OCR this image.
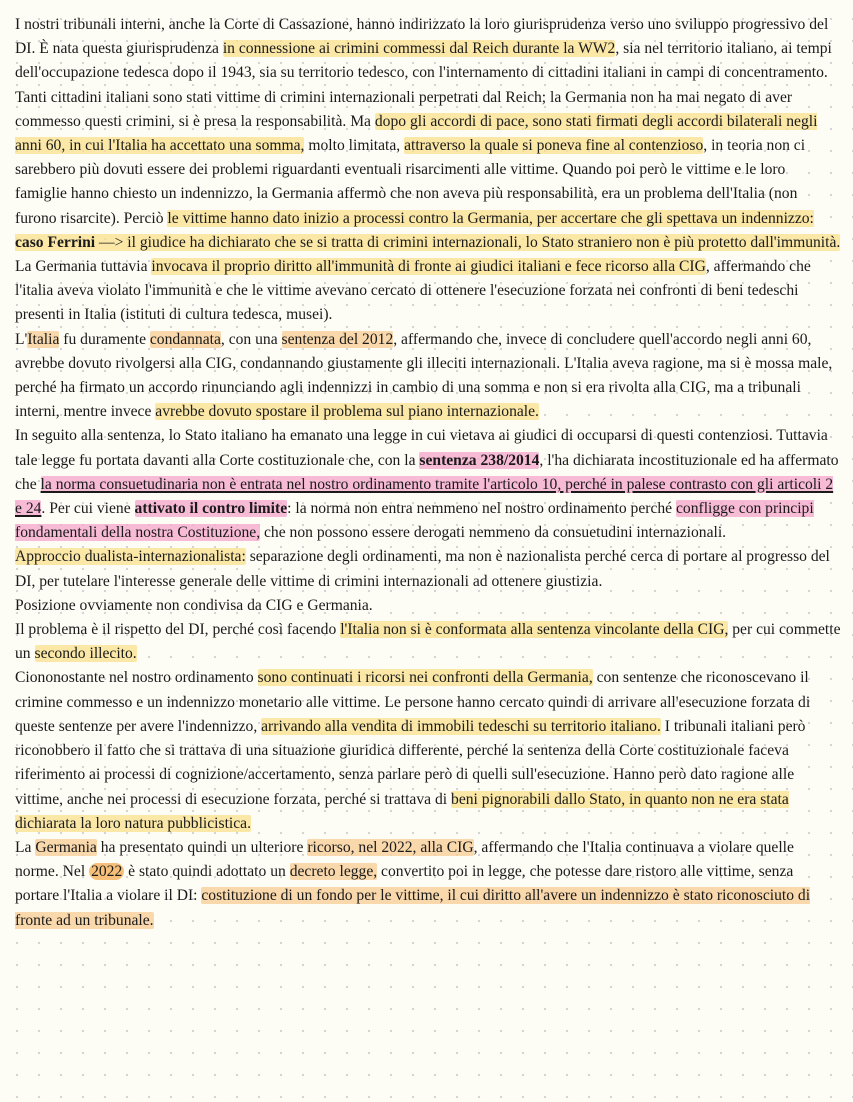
I nostri tribunali interni, anche la Corte di Cassazione, hanno indirizzato la loro giurisprudenza verso uno sviluppo progressivo del DI. È nata questa giurisprudenza in connessione ai crimini commessi dal Reich durante la WW2, sia nel territorio italiano, ai tempi dell'occupazione tedesca dopo il 1943, sia su territorio tedesco, con l'internamento di cittadini italiani in campi di concentramento. Tanti cittadini italiani sono stati vittime di crimini internazionali perpetrati dal Reich; la Germania non ha mai negato di aver commesso questi crimini, si è presa la responsabilità. Ma dopo gli accordi di pace, sono stati firmati degli accordi bilaterali negli anni 60, in cui l'Italia ha accettato una somma, molto limitata, attraverso la quale si poneva fine al contenzioso, in teoria non ci sarebbero più dovuti essere dei problemi riguardanti eventuali risarcimenti alle vittime. Quando poi però le vittime e le loro famiglie hanno chiesto un indennizzo, la Germania affermò che non aveva più responsabilità, era un problema dell'Italia (non furono risarcite). Perciò le vittime hanno dato inizio a processi contro la Germania, per accertare che gli spettava un indennizzo: caso Ferrini —> il giudice ha dichiarato che se si tratta di crimini internazionali, lo Stato straniero non è più protetto dall'immunità. La Germania tuttavia invocava il proprio diritto all'immunità di fronte ai giudici italiani e fece ricorso alla CIG, affermando che l'italia aveva violato l'immunità e che le vittime avevano cercato di ottenere l'esecuzione forzata nei confronti di beni tedeschi presenti in Italia (istituti di cultura tedesca, musei).

L'Italia fu duramente condannata, con una sentenza del 2012, affermando che, invece di concludere quell'accordo negli anni 60, avrebbe dovuto rivolgersi alla CIG, condannando giustamente gli illeciti internazionali. L'Italia aveva ragione, ma si è mossa male, perché ha firmato un accordo rinunciando agli indennizzi in cambio di una somma e non si era rivolta alla CIG, ma a tribunali interni, mentre invece avrebbe dovuto spostare il problema sul piano internazionale.

In seguito alla sentenza, lo Stato italiano ha emanato una legge in cui vietava ai giudici di occuparsi di questi contenziosi. Tuttavia tale legge fu portata davanti alla Corte costituzionale che, con la sentenza 238/2014, l'ha dichiarata incostituzionale ed ha affermato che la norma consuetudinaria non è entrata nel nostro ordinamento tramite l'articolo 10, perché in palese contrasto con gli articoli 2 e 24. Per cui viene attivato il contro limite: la norma non entra nemmeno nel nostro ordinamento perché confligge con principi fondamentali della nostra Costituzione, che non possono essere derogati nemmeno da consuetudini internazionali.

Approccio dualista-internazionalista: separazione degli ordinamenti, ma non è nazionalista perché cerca di portare al progresso del DI, per tutelare l'interesse generale delle vittime di crimini internazionali ad ottenere giustizia.

Posizione ovviamente non condivisa da CIG e Germania.

Il problema è il rispetto del DI, perché così facendo l'Italia non si è conformata alla sentenza vincolante della CIG, per cui commette un secondo illecito.

Ciononostante nel nostro ordinamento sono continuati i ricorsi nei confronti della Germania, con sentenze che riconoscevano il crimine commesso e un indennizzo monetario alle vittime. Le persone hanno cercato quindi di arrivare all'esecuzione forzata di queste sentenze per avere l'indennizzo, arrivando alla vendita di immobili tedeschi su territorio italiano. I tribunali italiani però riconobbero il fatto che si trattava di una situazione giuridica differente, perché la sentenza della Corte costituzionale faceva riferimento ai processi di cognizione/accertamento, senza parlare però di quelli sull'esecuzione. Hanno però dato ragione alle vittime, anche nei processi di esecuzione forzata, perché si trattava di beni pignorabili dallo Stato, in quanto non ne era stata dichiarata la loro natura pubblicistica.

La Germania ha presentato quindi un ulteriore ricorso, nel 2022, alla CIG, affermando che l'Italia continuava a violare quelle norme. Nel 2022 è stato quindi adottato un decreto legge, convertito poi in legge, che potesse dare ristoro alle vittime, senza portare l'Italia a violare il DI: costituzione di un fondo per le vittime, il cui diritto all'avere un indennizzo è stato riconosciuto di fronte ad un tribunale.
